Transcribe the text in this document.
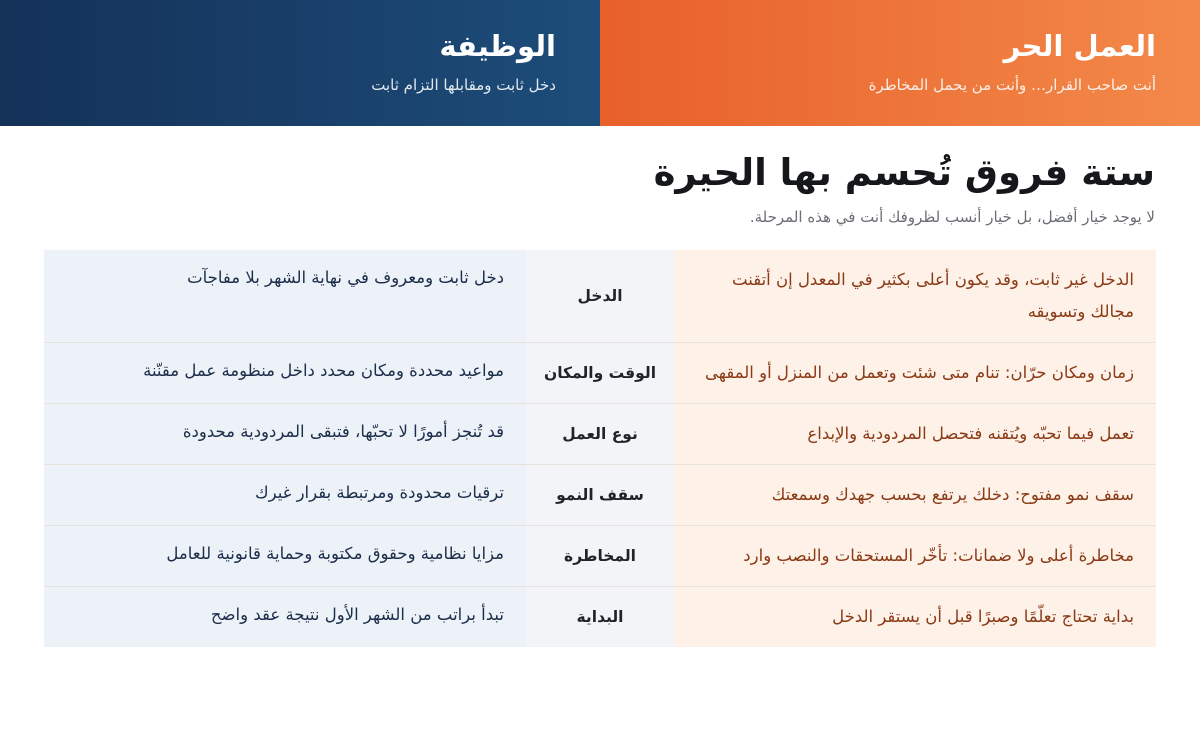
العمل الحر
أنت صاحب القرار… وأنت من يحمل المخاطرة
الوظيفة
دخل ثابت ومقابلها التزام ثابت
ستة فروق تُحسم بها الحيرة

لا يوجد خيار أفضل، بل خيار أنسب لظروفك أنت في هذه المرحلة.

الدخل غير ثابت، وقد يكون أعلى بكثير في المعدل إن أتقنت مجالك وتسويقه
الدخل
دخل ثابت ومعروف في نهاية الشهر بلا مفاجآت
زمان ومكان حرّان: تنام متى شئت وتعمل من المنزل أو المقهى
الوقت والمكان
مواعيد محددة ومكان محدد داخل منظومة عمل مقنّنة
تعمل فيما تحبّه ويُتقنه فتحصل المردودية والإبداع
نوع العمل
قد تُنجز أمورًا لا تحبّها، فتبقى المردودية محدودة
سقف نمو مفتوح: دخلك يرتفع بحسب جهدك وسمعتك
سقف النمو
ترقيات محدودة ومرتبطة بقرار غيرك
مخاطرة أعلى ولا ضمانات: تأخّر المستحقات والنصب وارد
المخاطرة
مزايا نظامية وحقوق مكتوبة وحماية قانونية للعامل
بداية تحتاج تعلّمًا وصبرًا قبل أن يستقر الدخل
البداية
تبدأ براتب من الشهر الأول نتيجة عقد واضح
